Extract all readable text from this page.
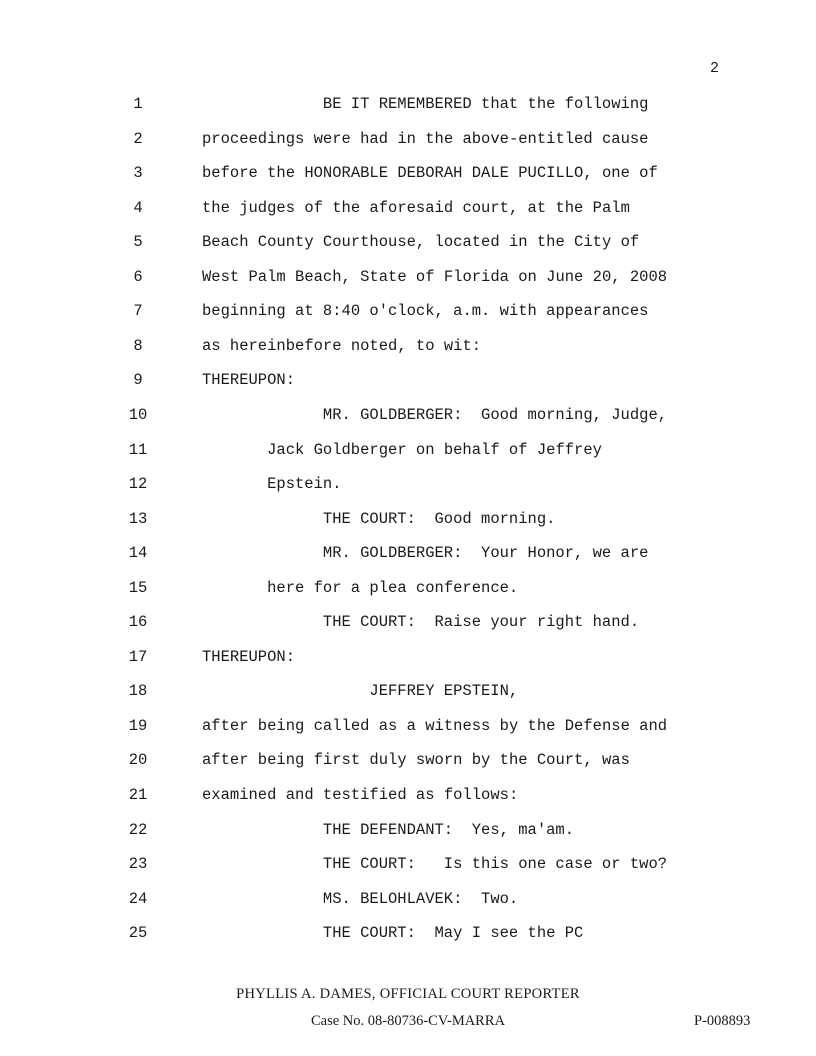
2
1	BE IT REMEMBERED that the following
2	proceedings were had in the above-entitled cause
3	before the HONORABLE DEBORAH DALE PUCILLO, one of
4	the judges of the aforesaid court, at the Palm
5	Beach County Courthouse, located in the City of
6	West Palm Beach, State of Florida on June 20, 2008
7	beginning at 8:40 o'clock, a.m. with appearances
8	as hereinbefore noted, to wit:
9	THEREUPON:
10	MR. GOLDBERGER:  Good morning, Judge,
11	Jack Goldberger on behalf of Jeffrey
12	Epstein.
13	THE COURT:  Good morning.
14	MR. GOLDBERGER:  Your Honor, we are
15	here for a plea conference.
16	THE COURT:  Raise your right hand.
17	THEREUPON:
18	JEFFREY EPSTEIN,
19	after being called as a witness by the Defense and
20	after being first duly sworn by the Court, was
21	examined and testified as follows:
22	THE DEFENDANT:  Yes, ma'am.
23	THE COURT:   Is this one case or two?
24	MS. BELOHLAVEK:  Two.
25	THE COURT:  May I see the PC
PHYLLIS A. DAMES, OFFICIAL COURT REPORTER
Case No. 08-80736-CV-MARRA	P-008893
